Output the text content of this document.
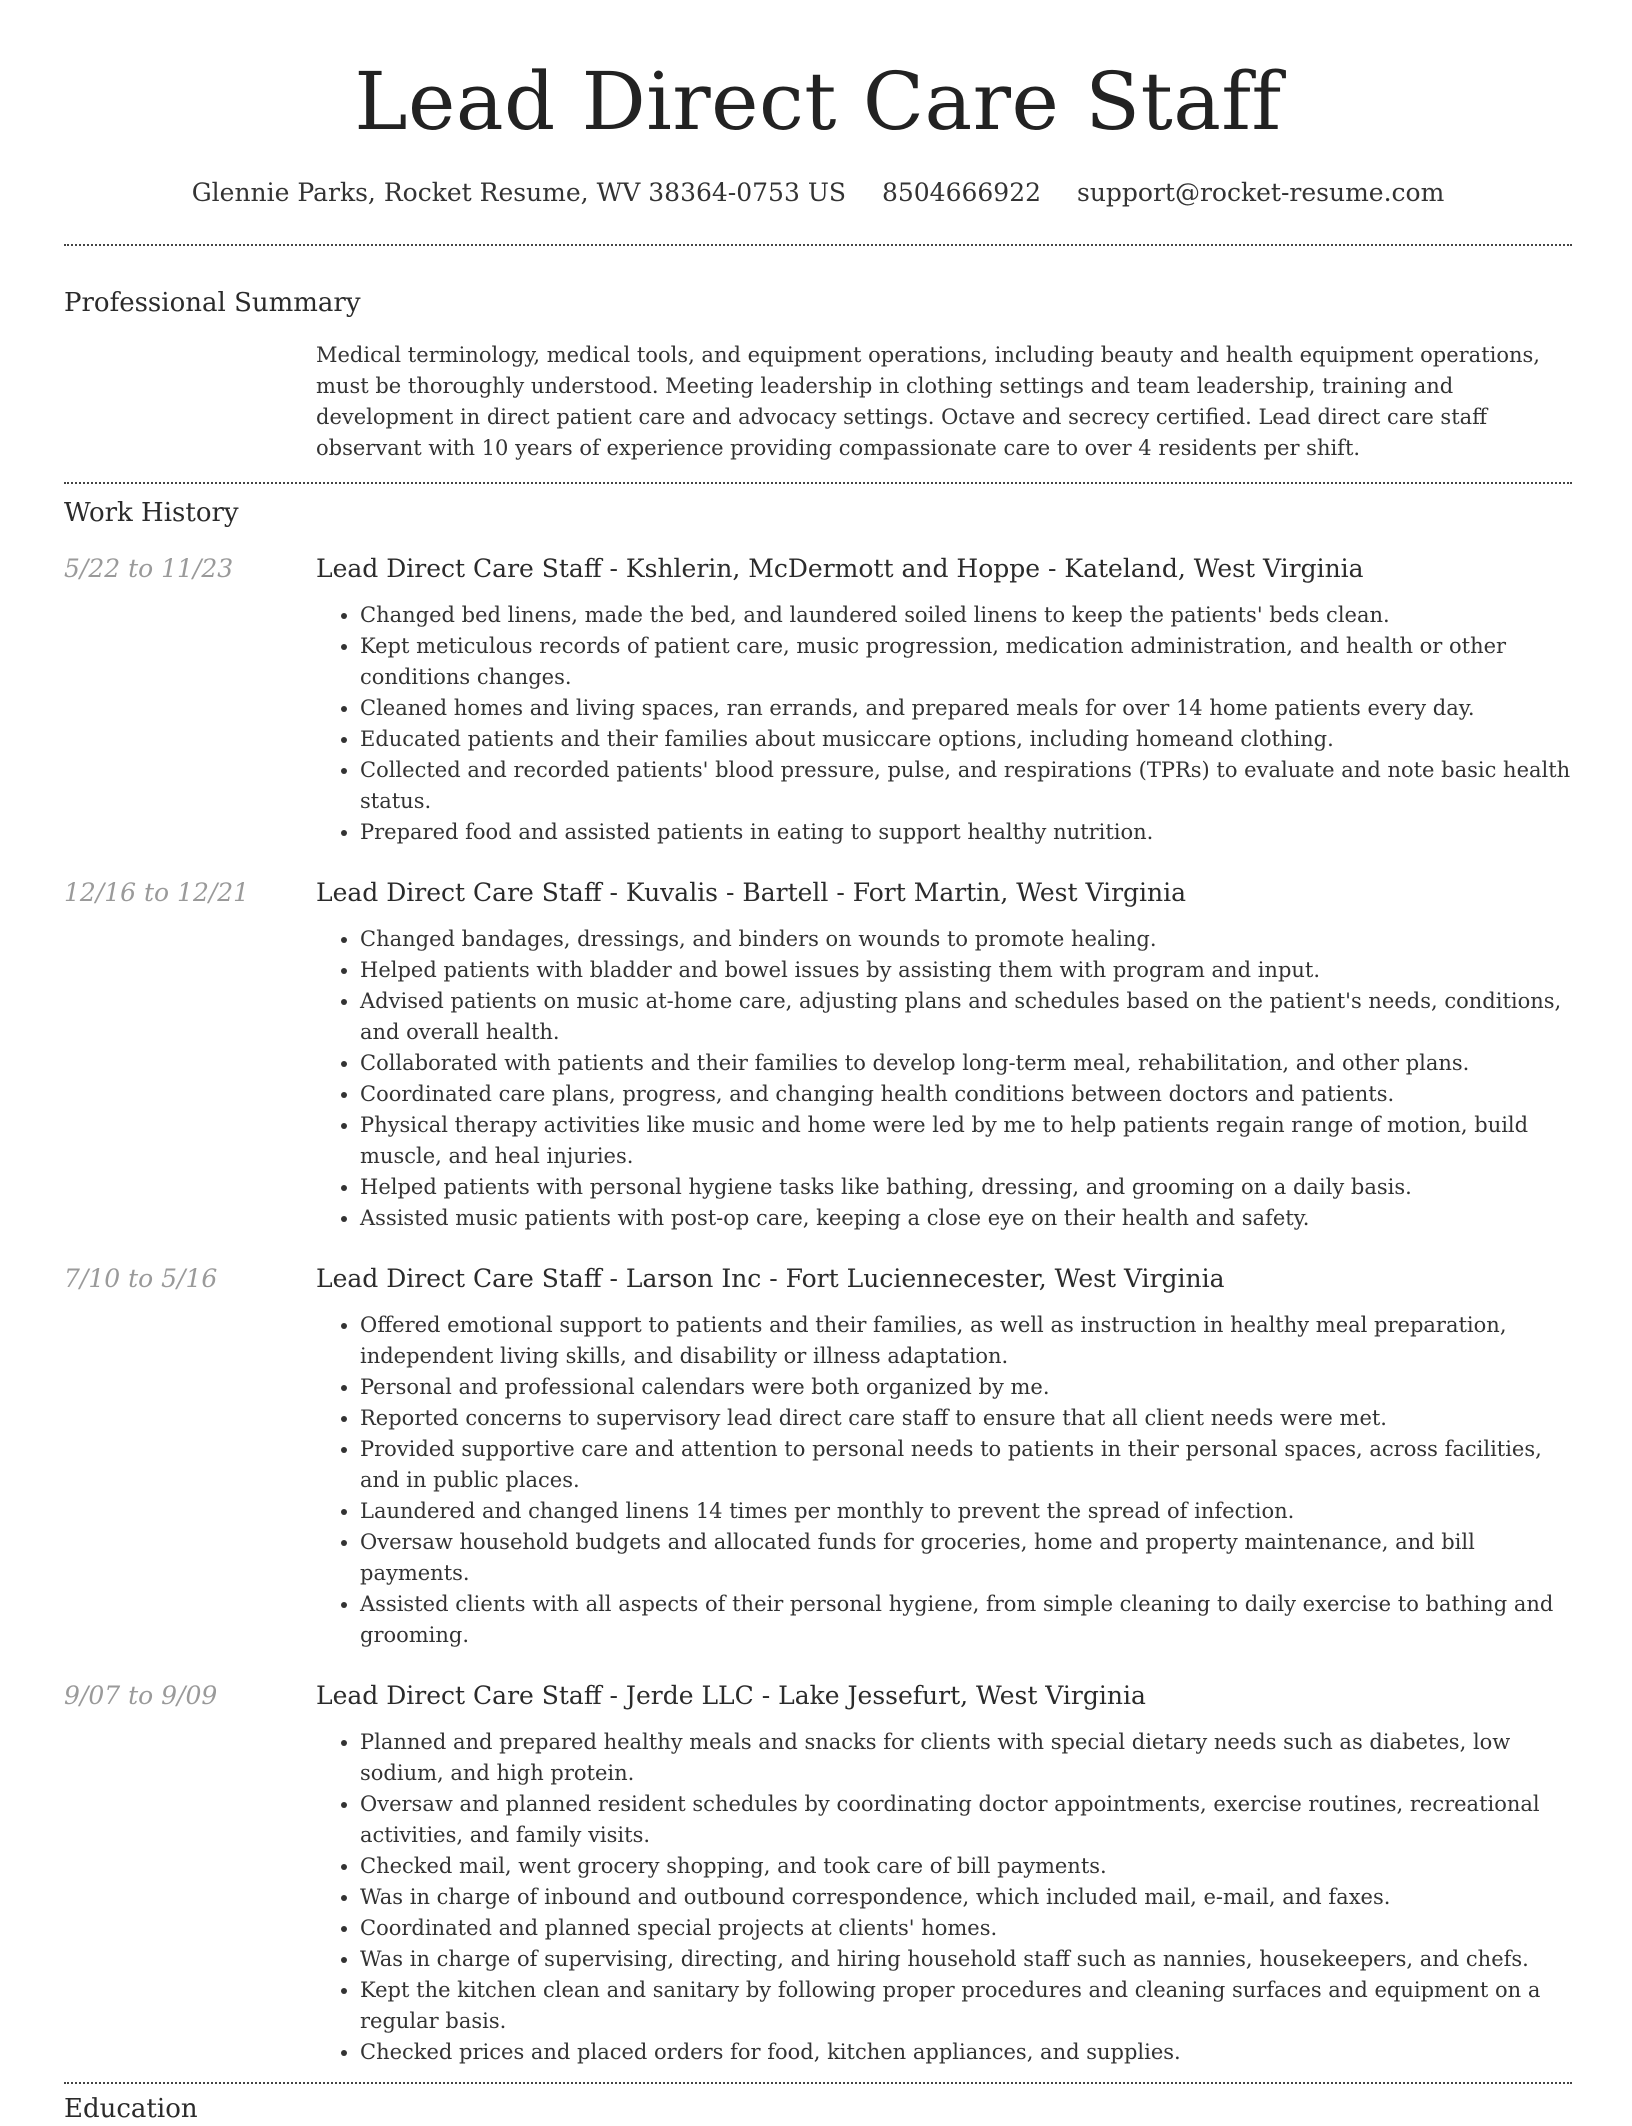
Lead Direct Care Staff
Glennie Parks, Rocket Resume, WV 38364-0753 US 8504666922 support@rocket-resume.com
Professional Summary

Medical terminology, medical tools, and equipment operations, including beauty and health equipment operations, must be thoroughly understood. Meeting leadership in clothing settings and team leadership, training and development in direct patient care and advocacy settings. Octave and secrecy certified. Lead direct care staff observant with 10 years of experience providing compassionate care to over 4 residents per shift.

Work History
5/22 to 11/23	Lead Direct Care Staff - Kshlerin, McDermott and Hoppe - Kateland, West Virginia
• Changed bed linens, made the bed, and laundered soiled linens to keep the patients' beds clean.
• Kept meticulous records of patient care, music progression, medication administration, and health or other conditions changes.
• Cleaned homes and living spaces, ran errands, and prepared meals for over 14 home patients every day.
• Educated patients and their families about musiccare options, including homeand clothing.
• Collected and recorded patients' blood pressure, pulse, and respirations (TPRs) to evaluate and note basic health status.
• Prepared food and assisted patients in eating to support healthy nutrition.
12/16 to 12/21	Lead Direct Care Staff - Kuvalis - Bartell - Fort Martin, West Virginia
• Changed bandages, dressings, and binders on wounds to promote healing.
• Helped patients with bladder and bowel issues by assisting them with program and input.
• Advised patients on music at-home care, adjusting plans and schedules based on the patient's needs, conditions, and overall health.
• Collaborated with patients and their families to develop long-term meal, rehabilitation, and other plans.
• Coordinated care plans, progress, and changing health conditions between doctors and patients.
• Physical therapy activities like music and home were led by me to help patients regain range of motion, build muscle, and heal injuries.
• Helped patients with personal hygiene tasks like bathing, dressing, and grooming on a daily basis.
• Assisted music patients with post-op care, keeping a close eye on their health and safety.
7/10 to 5/16	Lead Direct Care Staff - Larson Inc - Fort Luciennecester, West Virginia
• Offered emotional support to patients and their families, as well as instruction in healthy meal preparation, independent living skills, and disability or illness adaptation.
• Personal and professional calendars were both organized by me.
• Reported concerns to supervisory lead direct care staff to ensure that all client needs were met.
• Provided supportive care and attention to personal needs to patients in their personal spaces, across facilities, and in public places.
• Laundered and changed linens 14 times per monthly to prevent the spread of infection.
• Oversaw household budgets and allocated funds for groceries, home and property maintenance, and bill payments.
• Assisted clients with all aspects of their personal hygiene, from simple cleaning to daily exercise to bathing and grooming.
9/07 to 9/09	Lead Direct Care Staff - Jerde LLC - Lake Jessefurt, West Virginia
• Planned and prepared healthy meals and snacks for clients with special dietary needs such as diabetes, low sodium, and high protein.
• Oversaw and planned resident schedules by coordinating doctor appointments, exercise routines, recreational activities, and family visits.
• Checked mail, went grocery shopping, and took care of bill payments.
• Was in charge of inbound and outbound correspondence, which included mail, e-mail, and faxes.
• Coordinated and planned special projects at clients' homes.
• Was in charge of supervising, directing, and hiring household staff such as nannies, housekeepers, and chefs.
• Kept the kitchen clean and sanitary by following proper procedures and cleaning surfaces and equipment on a regular basis.
• Checked prices and placed orders for food, kitchen appliances, and supplies.
Education
